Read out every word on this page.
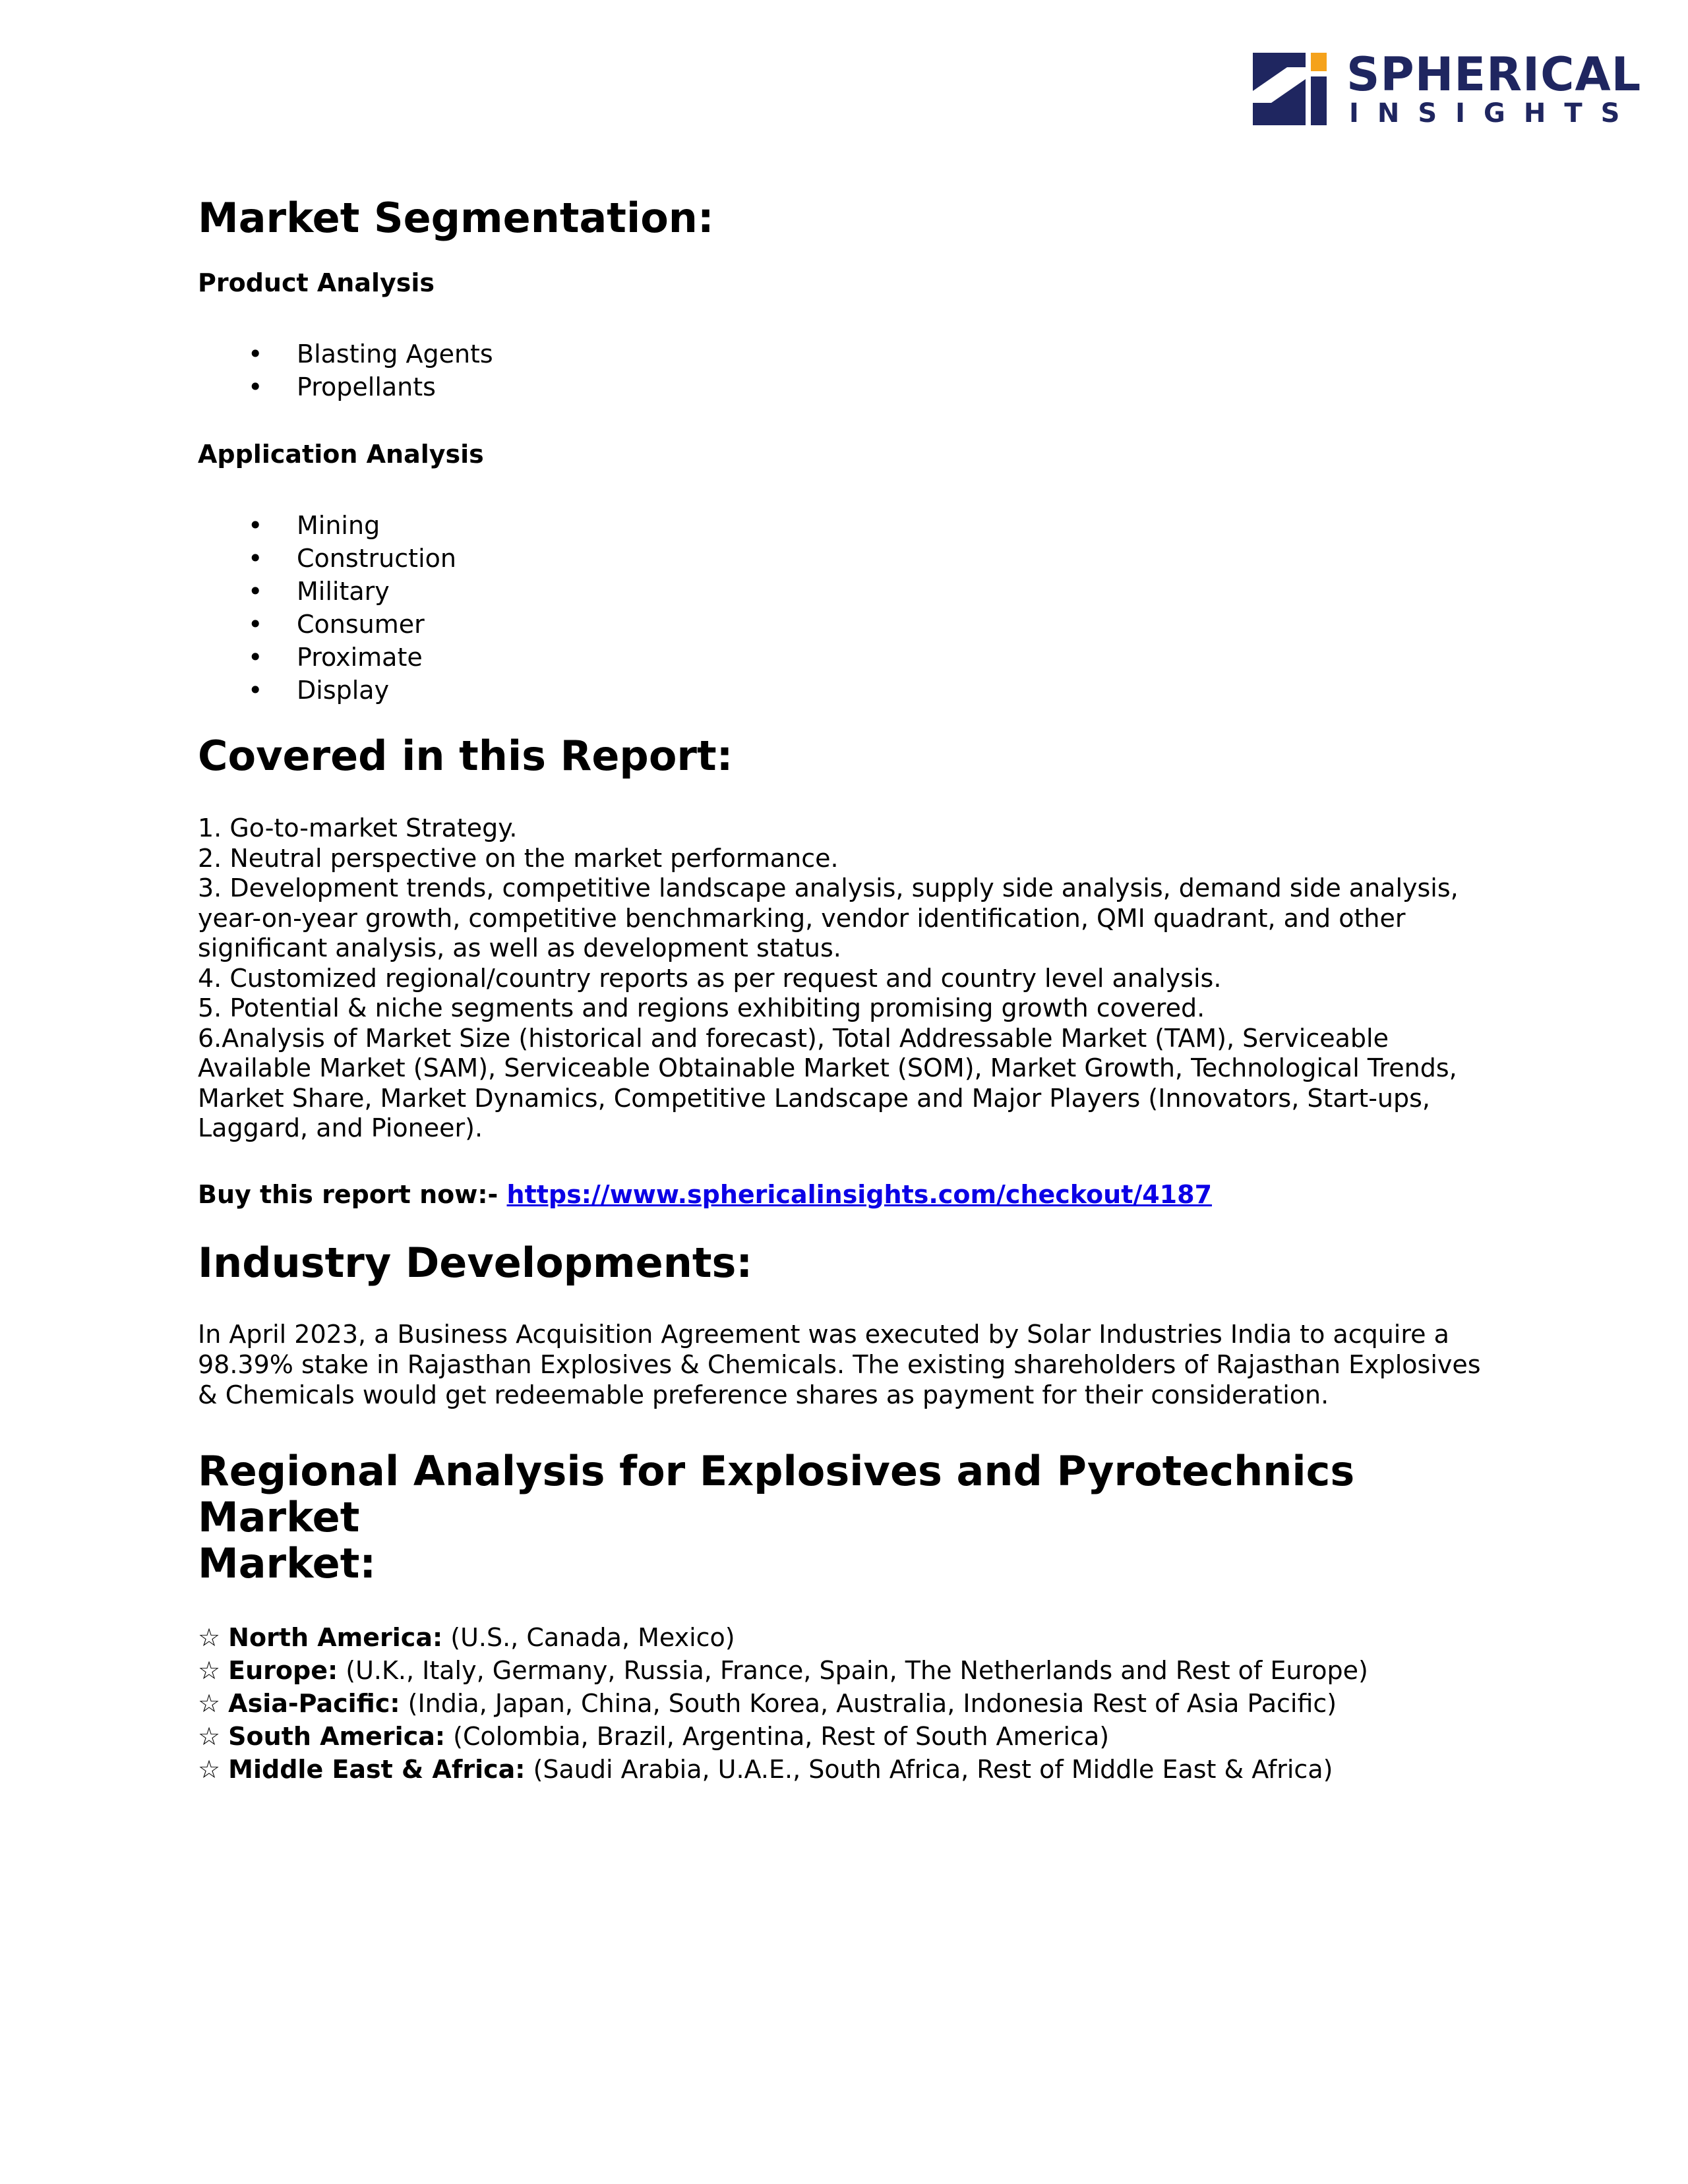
SPHERICAL
INSIGHTS
Market Segmentation:
Product Analysis
• Blasting Agents
• Propellants
Application Analysis
• Mining
• Construction
• Military
• Consumer
• Proximate
• Display
Covered in this Report:
1. Go-to-market Strategy.
2. Neutral perspective on the market performance.
3. Development trends, competitive landscape analysis, supply side analysis, demand side analysis,
year-on-year growth, competitive benchmarking, vendor identification, QMI quadrant, and other
significant analysis, as well as development status.
4. Customized regional/country reports as per request and country level analysis.
5. Potential & niche segments and regions exhibiting promising growth covered.
6.Analysis of Market Size (historical and forecast), Total Addressable Market (TAM), Serviceable
Available Market (SAM), Serviceable Obtainable Market (SOM), Market Growth, Technological Trends,
Market Share, Market Dynamics, Competitive Landscape and Major Players (Innovators, Start-ups,
Laggard, and Pioneer).
Buy this report now:- https://www.sphericalinsights.com/checkout/4187
Industry Developments:
In April 2023, a Business Acquisition Agreement was executed by Solar Industries India to acquire a
98.39% stake in Rajasthan Explosives & Chemicals. The existing shareholders of Rajasthan Explosives
& Chemicals would get redeemable preference shares as payment for their consideration.
Regional Analysis for Explosives and Pyrotechnics Market
Market:
☆ North America: (U.S., Canada, Mexico)
☆ Europe: (U.K., Italy, Germany, Russia, France, Spain, The Netherlands and Rest of Europe)
☆ Asia-Pacific: (India, Japan, China, South Korea, Australia, Indonesia Rest of Asia Pacific)
☆ South America: (Colombia, Brazil, Argentina, Rest of South America)
☆ Middle East & Africa: (Saudi Arabia, U.A.E., South Africa, Rest of Middle East & Africa)
